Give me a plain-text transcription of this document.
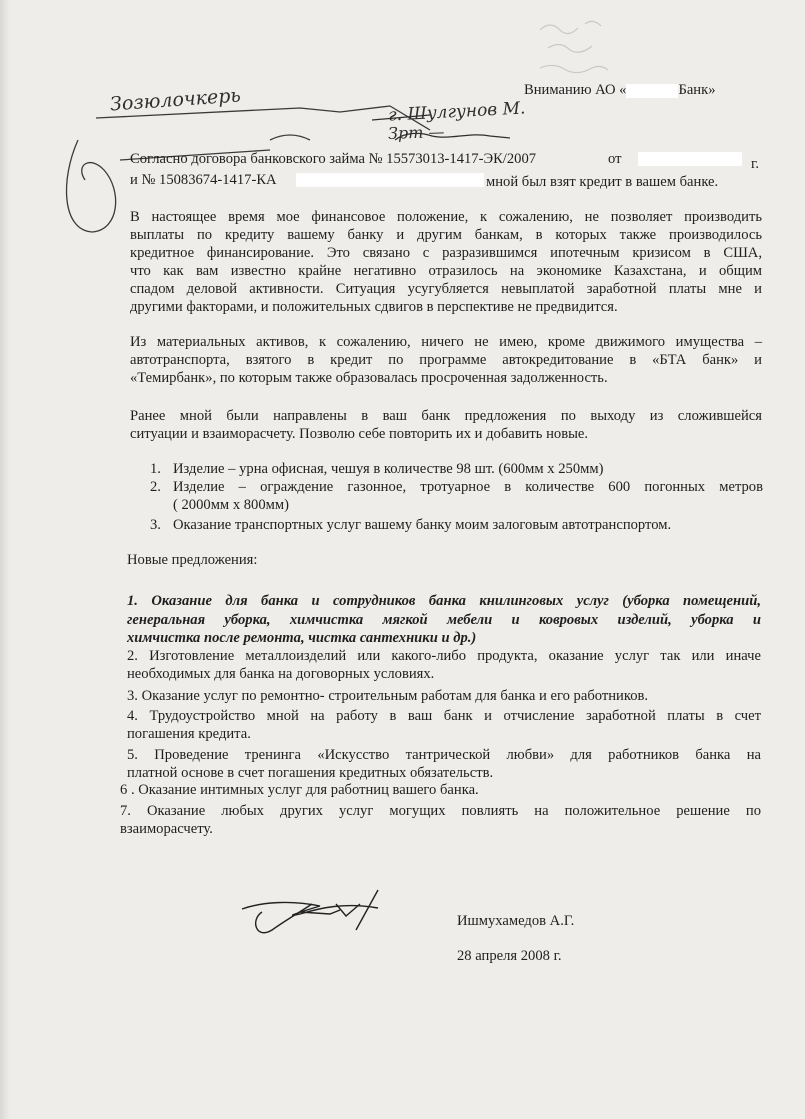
Зозюлочкерь	г. Шулгунов М.
Зрт —
Вниманию АО «	Банк»
Согласно договора банковского займа № 15573013-1417-ЭК/2007	от	г.
и № 15083674-1417-КА	мной был взят кредит в вашем банке.
В настоящее время мое финансовое положение, к сожалению, не позволяет производить
выплаты по кредиту вашему банку и другим банкам, в которых также производилось
кредитное финансирование. Это связано с разразившимся ипотечным кризисом в США,
что как вам известно крайне негативно отразилось на экономике Казахстана, и общим
спадом деловой активности. Ситуация усугубляется невыплатой заработной платы мне и
другими факторами, и положительных сдвигов в перспективе не предвидится.
Из материальных активов, к сожалению, ничего не имею, кроме движимого имущества –
автотранспорта, взятого в кредит по программе автокредитование в «БТА банк» и
«Темирбанк», по которым также образовалась просроченная задолженность.
Ранее мной были направлены в ваш банк предложения по выходу из сложившейся
ситуации и взаиморасчету. Позволю себе повторить их и добавить новые.
1. Изделие – урна офисная, чешуя в количестве 98 шт. (600мм х 250мм)
2. Изделие – ограждение газонное, тротуарное в количестве 600 погонных метров
( 2000мм х 800мм)
3. Оказание транспортных услуг вашему банку моим залоговым автотранспортом.
Новые предложения:
1. Оказание для банка и сотрудников банка книлинговых услуг (уборка помещений,
генеральная уборка, химчистка мягкой мебели и ковровых изделий, уборка и
химчистка после ремонта, чистка сантехники и др.)
2. Изготовление металлоизделий или какого-либо продукта, оказание услуг так или иначе
необходимых для банка на договорных условиях.
3. Оказание услуг по ремонтно- строительным работам для банка и его работников.
4. Трудоустройство мной на работу в ваш банк и отчисление заработной платы в счет
погашения кредита.
5. Проведение тренинга «Искусство тантрической любви» для работников банка на
платной основе в счет погашения кредитных обязательств.
6 . Оказание интимных услуг для работниц вашего банка.
7. Оказание любых других услуг могущих повлиять на положительное решение по
взаиморасчету.
Ишмухамедов А.Г.
28 апреля 2008 г.
